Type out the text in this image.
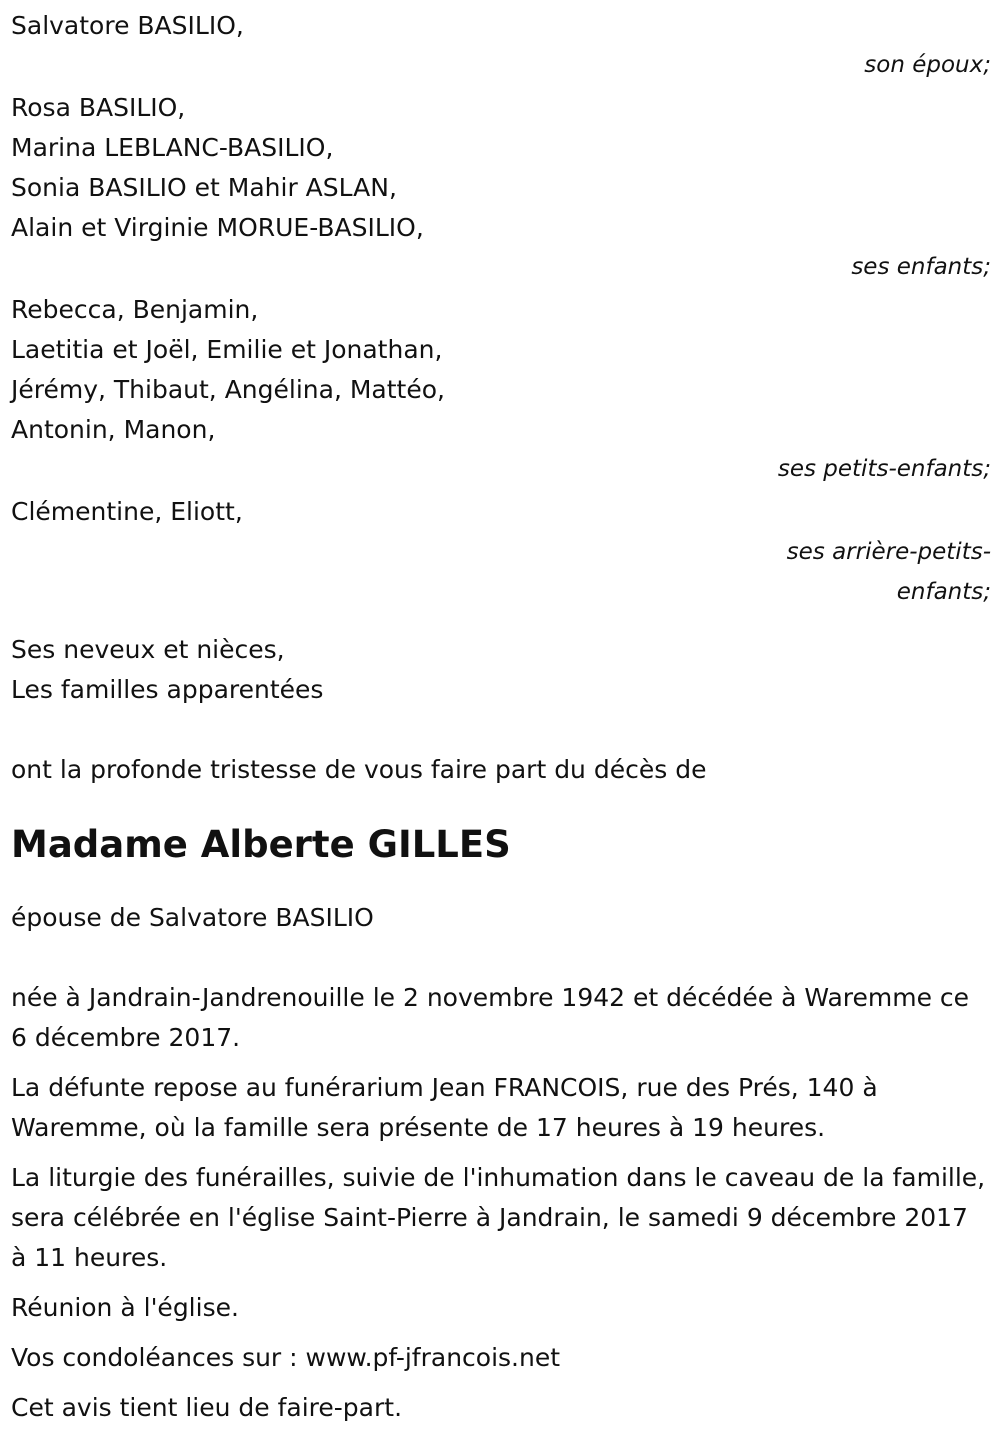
Salvatore BASILIO,
son époux;
Rosa BASILIO,
Marina LEBLANC-BASILIO,
Sonia BASILIO et Mahir ASLAN,
Alain et Virginie MORUE-BASILIO,
ses enfants;
Rebecca, Benjamin,
Laetitia et Joël, Emilie et Jonathan,
Jérémy, Thibaut, Angélina, Mattéo,
Antonin, Manon,
ses petits-enfants;
Clémentine, Eliott,
ses arrière-petits-
enfants;
Ses neveux et nièces,
Les familles apparentées
ont la profonde tristesse de vous faire part du décès de
Madame Alberte GILLES
épouse de Salvatore BASILIO
née à Jandrain-Jandrenouille le 2 novembre 1942 et décédée à Waremme ce 6 décembre 2017.
La défunte repose au funérarium Jean FRANCOIS, rue des Prés, 140 à Waremme, où la famille sera présente de 17 heures à 19 heures.
La liturgie des funérailles, suivie de l'inhumation dans le caveau de la famille, sera célébrée en l'église Saint-Pierre à Jandrain, le samedi 9 décembre 2017 à 11 heures.
Réunion à l'église.
Vos condoléances sur : www.pf-jfrancois.net
Cet avis tient lieu de faire-part.
